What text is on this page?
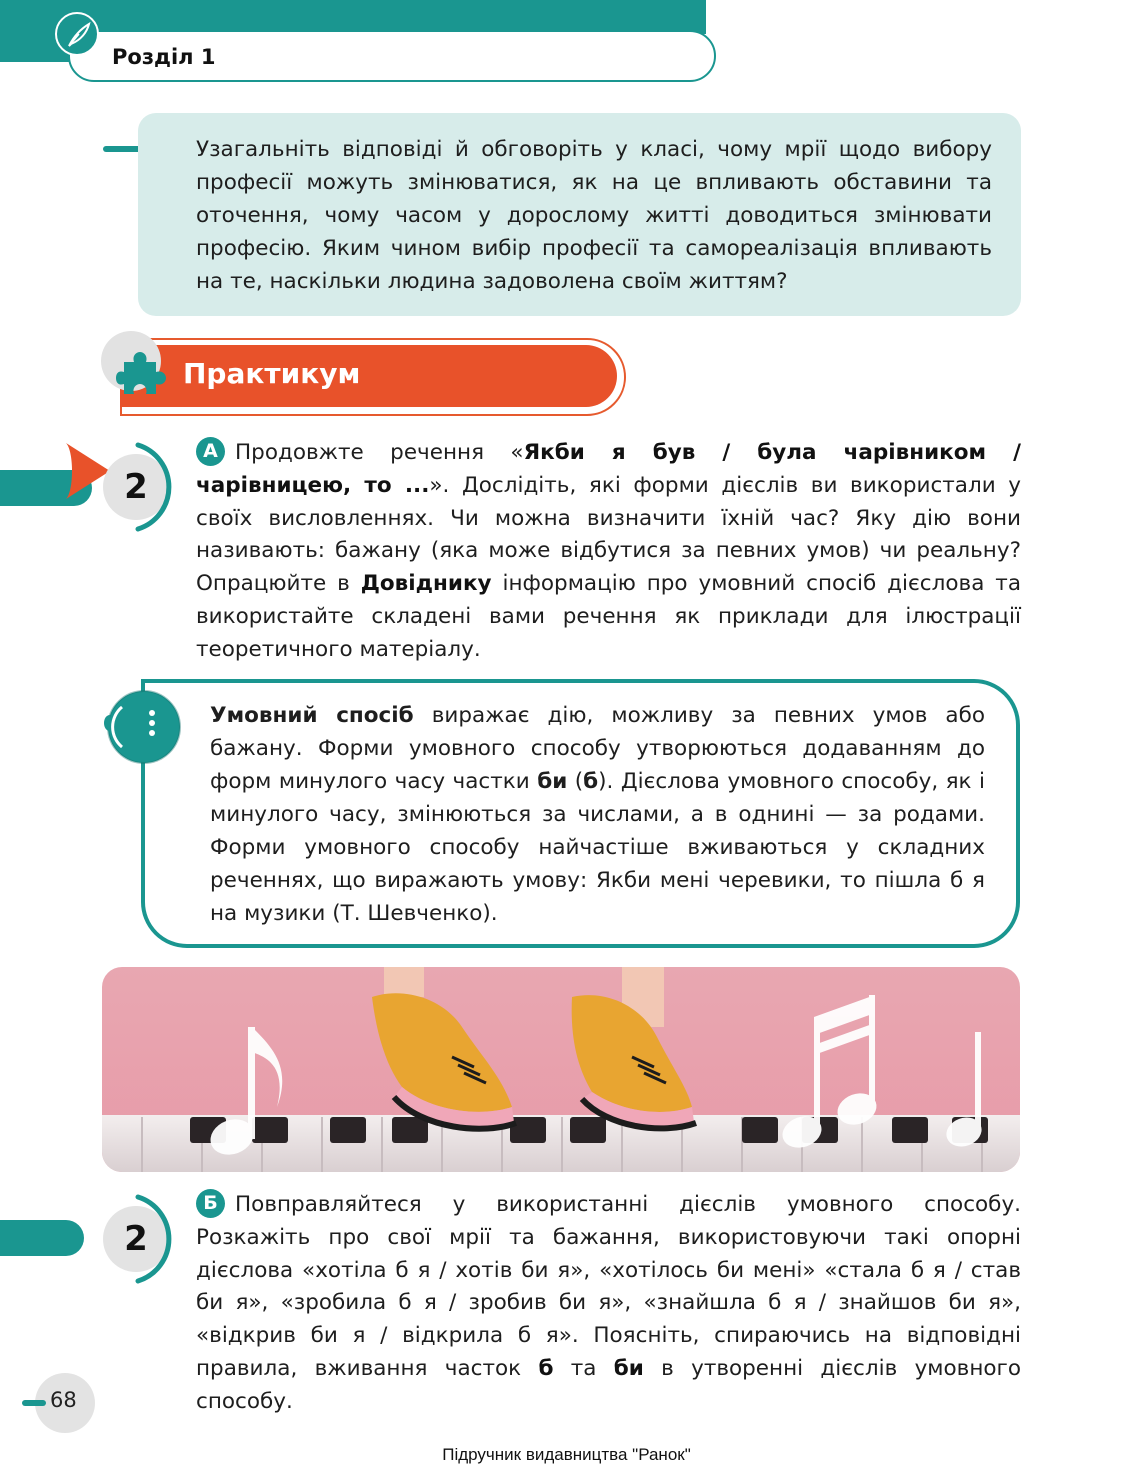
Розділ 1
Узагальніть відповіді й обговоріть у класі, чому мрії щодо вибору професії можуть змінюватися, як на це впливають обставини та оточення, чому часом у дорослому житті доводиться змінювати професію. Яким чином вибір професії та самореалізація впливають на те, наскільки людина задоволена своїм життям?
Практикум
2
А Продовжте речення «Якби я був / була чарівником / чарівницею, то ...». Дослідіть, які форми дієслів ви використали у своїх висловленнях. Чи можна визначити їхній час? Яку дію вони називають: бажану (яка може відбутися за певних умов) чи реальну? Опрацюйте в Довіднику інформацію про умовний спосіб дієслова та використайте складені вами речення як приклади для ілюстрації теоретичного матеріалу.
Умовний спосіб виражає дію, можливу за певних умов або бажану. Форми умовного способу утворюються додаванням до форм минулого часу частки би (б). Дієслова умовного способу, як і минулого часу, змінюються за числами, а в однині — за родами. Форми умовного способу найчастіше вживаються у складних реченнях, що виражають умову: Якби мені черевики, то пішла б я на музики (Т. Шевченко).
2
Б Повправляйтеся у використанні дієслів умовного способу. Розкажіть про свої мрії та бажання, використовуючи такі опорні дієслова «хотіла б я / хотів би я», «хотілось би мені» «стала б я / став би я», «зробила б я / зробив би я», «знайшла б я / знайшов би я», «відкрив би я / відкрила б я». Поясніть, спираючись на відповідні правила, вживання часток б та би в утворенні дієслів умовного способу.
68
Підручник видавництва "Ранок"
